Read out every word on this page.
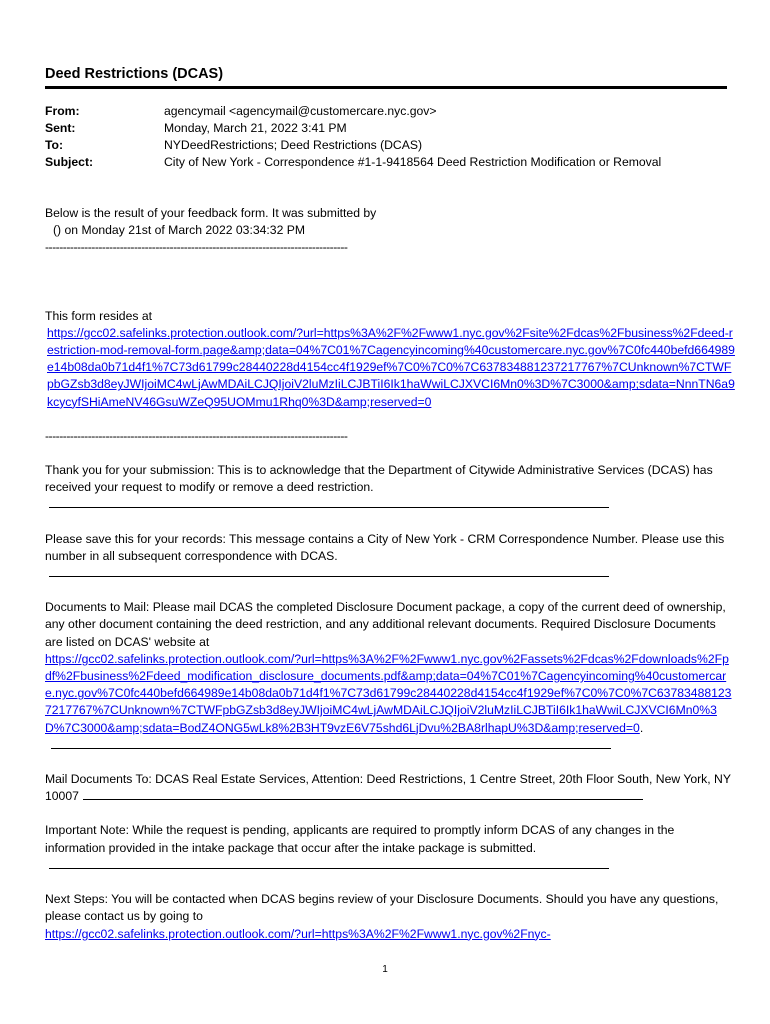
Deed Restrictions (DCAS)
From:	agencymail <agencymail@customercare.nyc.gov>
Sent:	Monday, March 21, 2022 3:41 PM
To:	NYDeedRestrictions; Deed Restrictions (DCAS)
Subject:	City of New York - Correspondence #1-1-9418564 Deed Restriction Modification or Removal

Below is the result of your feedback form. It was submitted by

() on Monday 21st of March 2022 03:34:32 PM

-------------------------------------------------------------------------------------

This form resides at

https://gcc02.safelinks.protection.outlook.com/?url=https%3A%2F%2Fwww1.nyc.gov%2Fsite%2Fdcas%2Fbusiness%2Fdeed-restriction-mod-removal-form.page&amp;data=04%7C01%7Cagencyincoming%40customercare.nyc.gov%7C0fc440befd664989e14b08da0b71d4f1%7C73d61799c28440228d4154cc4f1929ef%7C0%7C0%7C637834881237217767%7CUnknown%7CTWFpbGZsb3d8eyJWIjoiMC4wLjAwMDAiLCJQIjoiV2luMzIiLCJBTiI6Ik1haWwiLCJXVCI6Mn0%3D%7C3000&amp;sdata=NnnTN6a9kcycyfSHiAmeNV46GsuWZeQ95UOMmu1Rhq0%3D&amp;reserved=0

-------------------------------------------------------------------------------------

Thank you for your submission: This is to acknowledge that the Department of Citywide Administrative Services (DCAS) has received your request to modify or remove a deed restriction.

Please save this for your records: This message contains a City of New York - CRM Correspondence Number. Please use this number in all subsequent correspondence with DCAS.

Documents to Mail: Please mail DCAS the completed Disclosure Document package, a copy of the current deed of ownership, any other document containing the deed restriction, and any additional relevant documents. Required Disclosure Documents are listed on DCAS' website at
https://gcc02.safelinks.protection.outlook.com/?url=https%3A%2F%2Fwww1.nyc.gov%2Fassets%2Fdcas%2Fdownloads%2Fpdf%2Fbusiness%2Fdeed_modification_disclosure_documents.pdf&amp;data=04%7C01%7Cagencyincoming%40customercare.nyc.gov%7C0fc440befd664989e14b08da0b71d4f1%7C73d61799c28440228d4154cc4f1929ef%7C0%7C0%7C637834881237217767%7CUnknown%7CTWFpbGZsb3d8eyJWIjoiMC4wLjAwMDAiLCJQIjoiV2luMzIiLCJBTiI6Ik1haWwiLCJXVCI6Mn0%3D%7C3000&amp;sdata=BodZ4ONG5wLk8%2B3HT9vzE6V75shd6LjDvu%2BA8rlhapU%3D&amp;reserved=0.

Mail Documents To: DCAS Real Estate Services, Attention: Deed Restrictions, 1 Centre Street, 20th Floor South, New York, NY 10007

Important Note: While the request is pending, applicants are required to promptly inform DCAS of any changes in the information provided in the intake package that occur after the intake package is submitted.

Next Steps: You will be contacted when DCAS begins review of your Disclosure Documents. Should you have any questions, please contact us by going to
https://gcc02.safelinks.protection.outlook.com/?url=https%3A%2F%2Fwww1.nyc.gov%2Fnyc-

1
